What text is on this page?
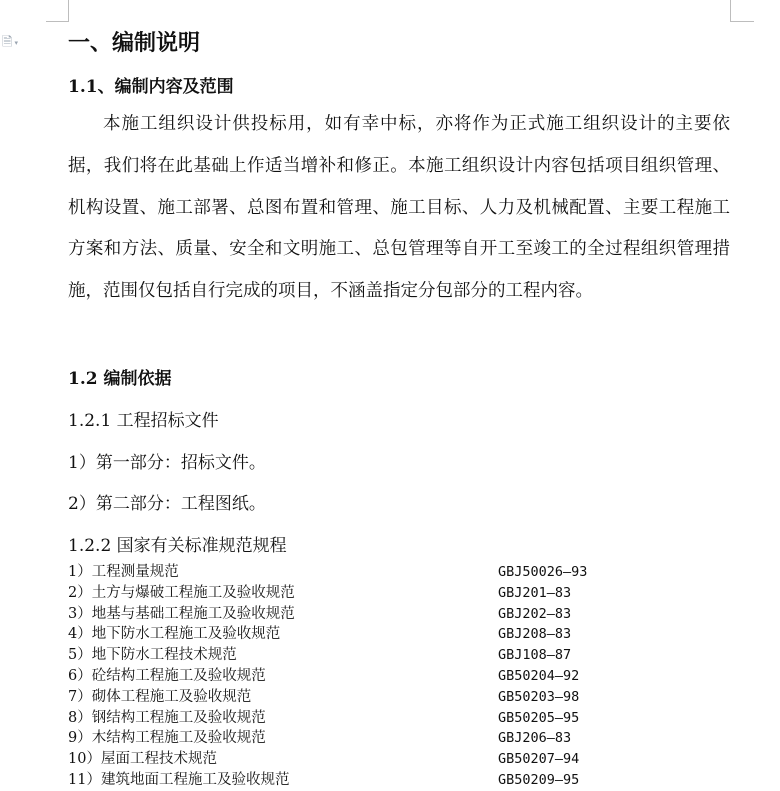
🗎 ▾ 一、编制说明
1.1、编制内容及范围
本施工组织设计供投标用，如有幸中标，亦将作为正式施工组织设计的主要依据，我们将在此基础上作适当增补和修正。本施工组织设计内容包括项目组织管理、机构设置、施工部署、总图布置和管理、施工目标、人力及机械配置、主要工程施工方案和方法、质量、安全和文明施工、总包管理等自开工至竣工的全过程组织管理措施，范围仅包括自行完成的项目，不涵盖指定分包部分的工程内容。
1.2 编制依据
1.2.1 工程招标文件
1）第一部分：招标文件。
2）第二部分：工程图纸。
1.2.2 国家有关标准规范规程
1）工程测量规范	GBJ50026—93
2）土方与爆破工程施工及验收规范	GBJ201—83
3）地基与基础工程施工及验收规范	GBJ202—83
4）地下防水工程施工及验收规范	GBJ208—83
5）地下防水工程技术规范	GBJ108—87
6）砼结构工程施工及验收规范	GB50204—92
7）砌体工程施工及验收规范	GB50203—98
8）钢结构工程施工及验收规范	GB50205—95
9）木结构工程施工及验收规范	GBJ206—83
10）屋面工程技术规范	GB50207—94
11）建筑地面工程施工及验收规范	GB50209—95
